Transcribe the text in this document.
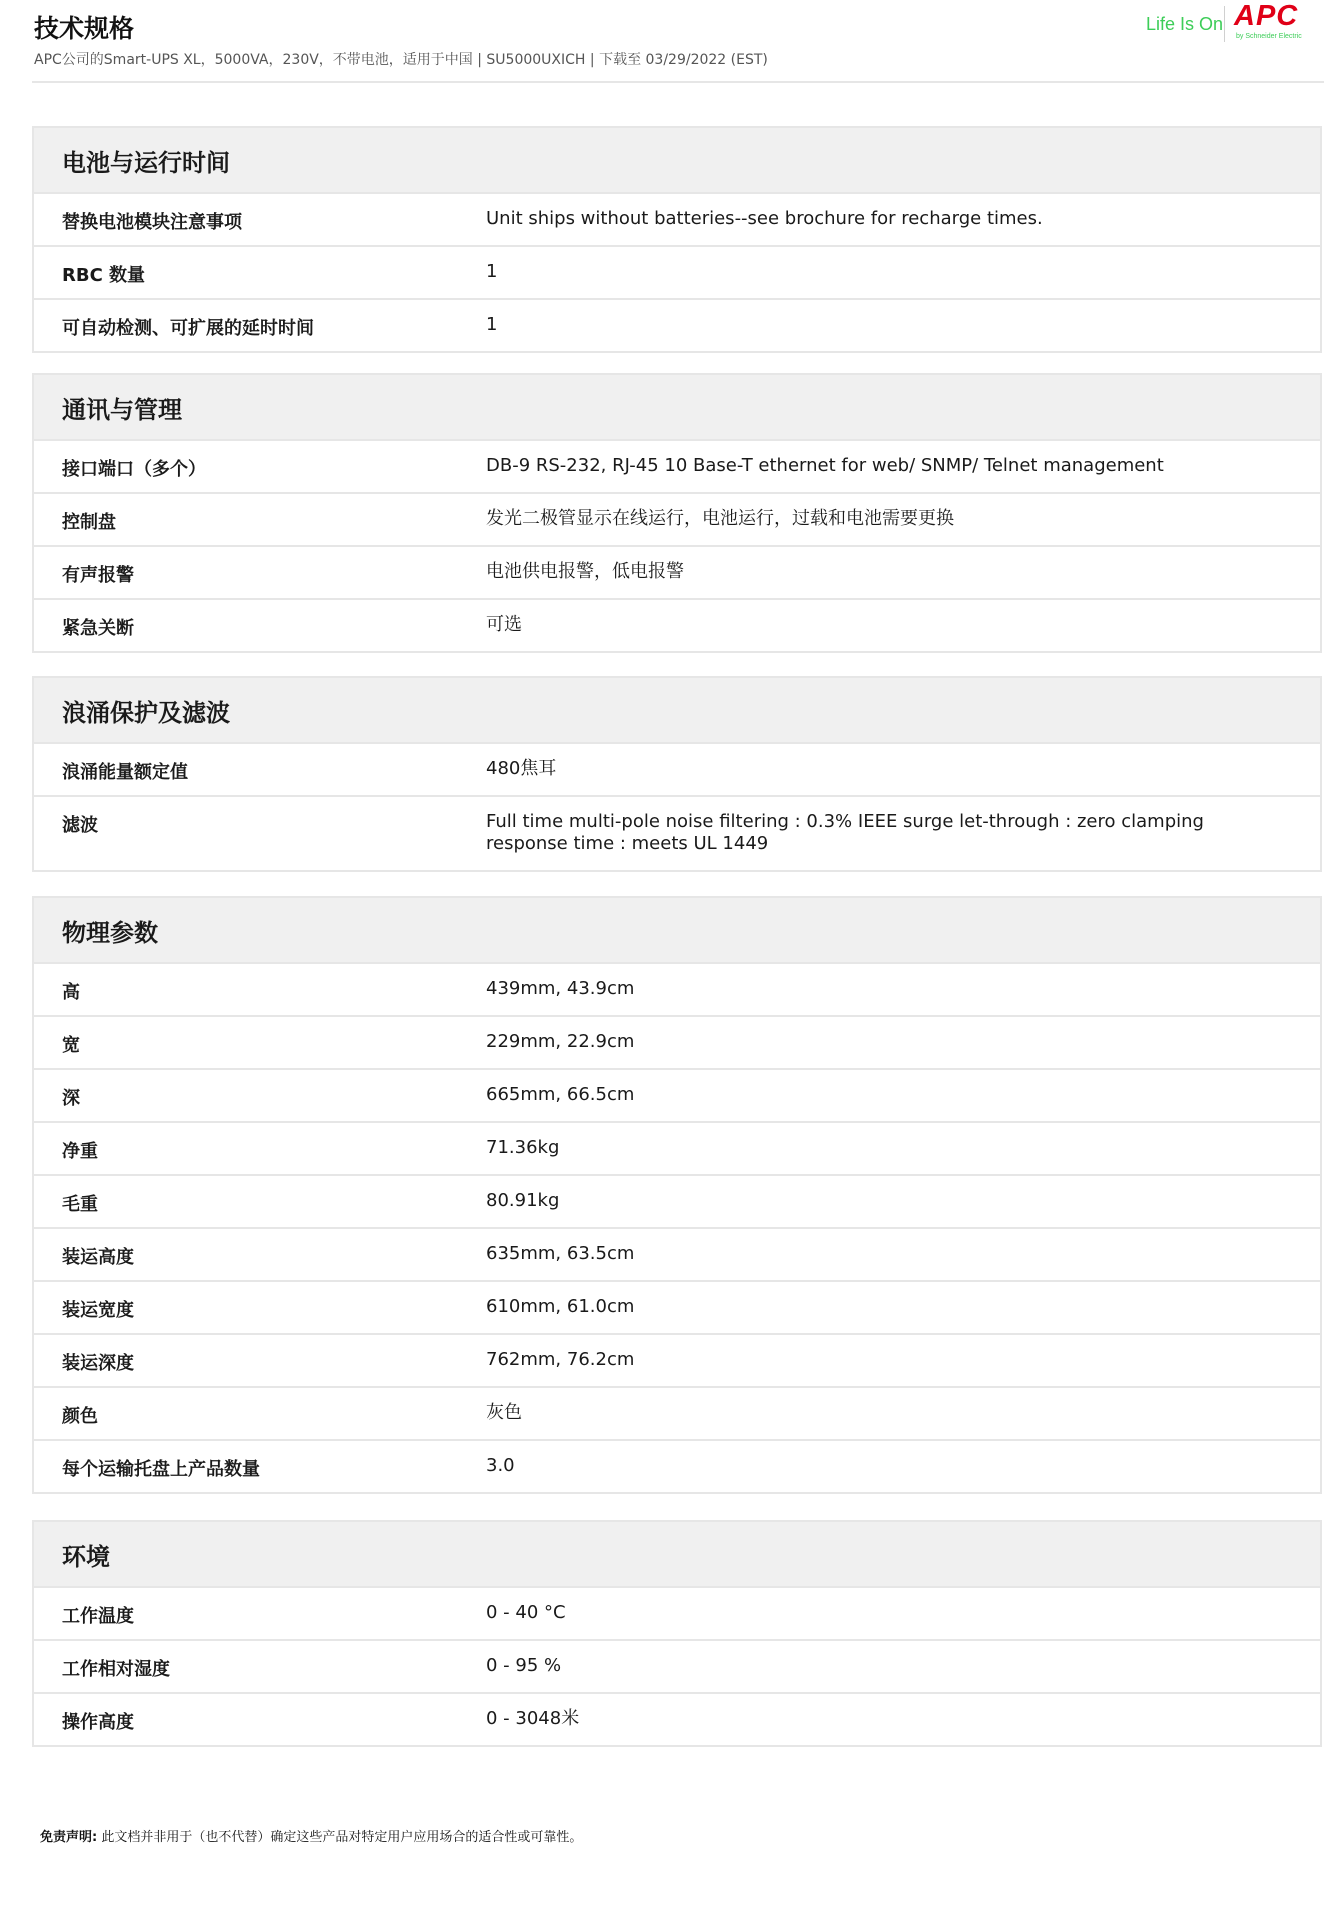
技术规格
APC公司的Smart-UPS XL，5000VA，230V，不带电池，适用于中国 | SU5000UXICH | 下载至 03/29/2022 (EST)
Life Is On APC
by Schneider Electric
电池与运行时间
替换电池模块注意事项	Unit ships without batteries--see brochure for recharge times.
RBC 数量	1
可自动检测、可扩展的延时时间	1
通讯与管理
接口端口（多个）	DB-9 RS-232, RJ-45 10 Base-T ethernet for web/ SNMP/ Telnet management
控制盘	发光二极管显示在线运行，电池运行，过载和电池需要更换
有声报警	电池供电报警，低电报警
紧急关断	可选
浪涌保护及滤波
浪涌能量额定值	480焦耳
滤波	Full time multi-pole noise filtering : 0.3% IEEE surge let-through : zero clamping response time : meets UL 1449
物理参数
高	439mm, 43.9cm
宽	229mm, 22.9cm
深	665mm, 66.5cm
净重	71.36kg
毛重	80.91kg
装运高度	635mm, 63.5cm
装运宽度	610mm, 61.0cm
装运深度	762mm, 76.2cm
颜色	灰色
每个运输托盘上产品数量	3.0
环境
工作温度	0 - 40 °C
工作相对湿度	0 - 95 %
操作高度	0 - 3048米
免责声明: 此文档并非用于（也不代替）确定这些产品对特定用户应用场合的适合性或可靠性。
